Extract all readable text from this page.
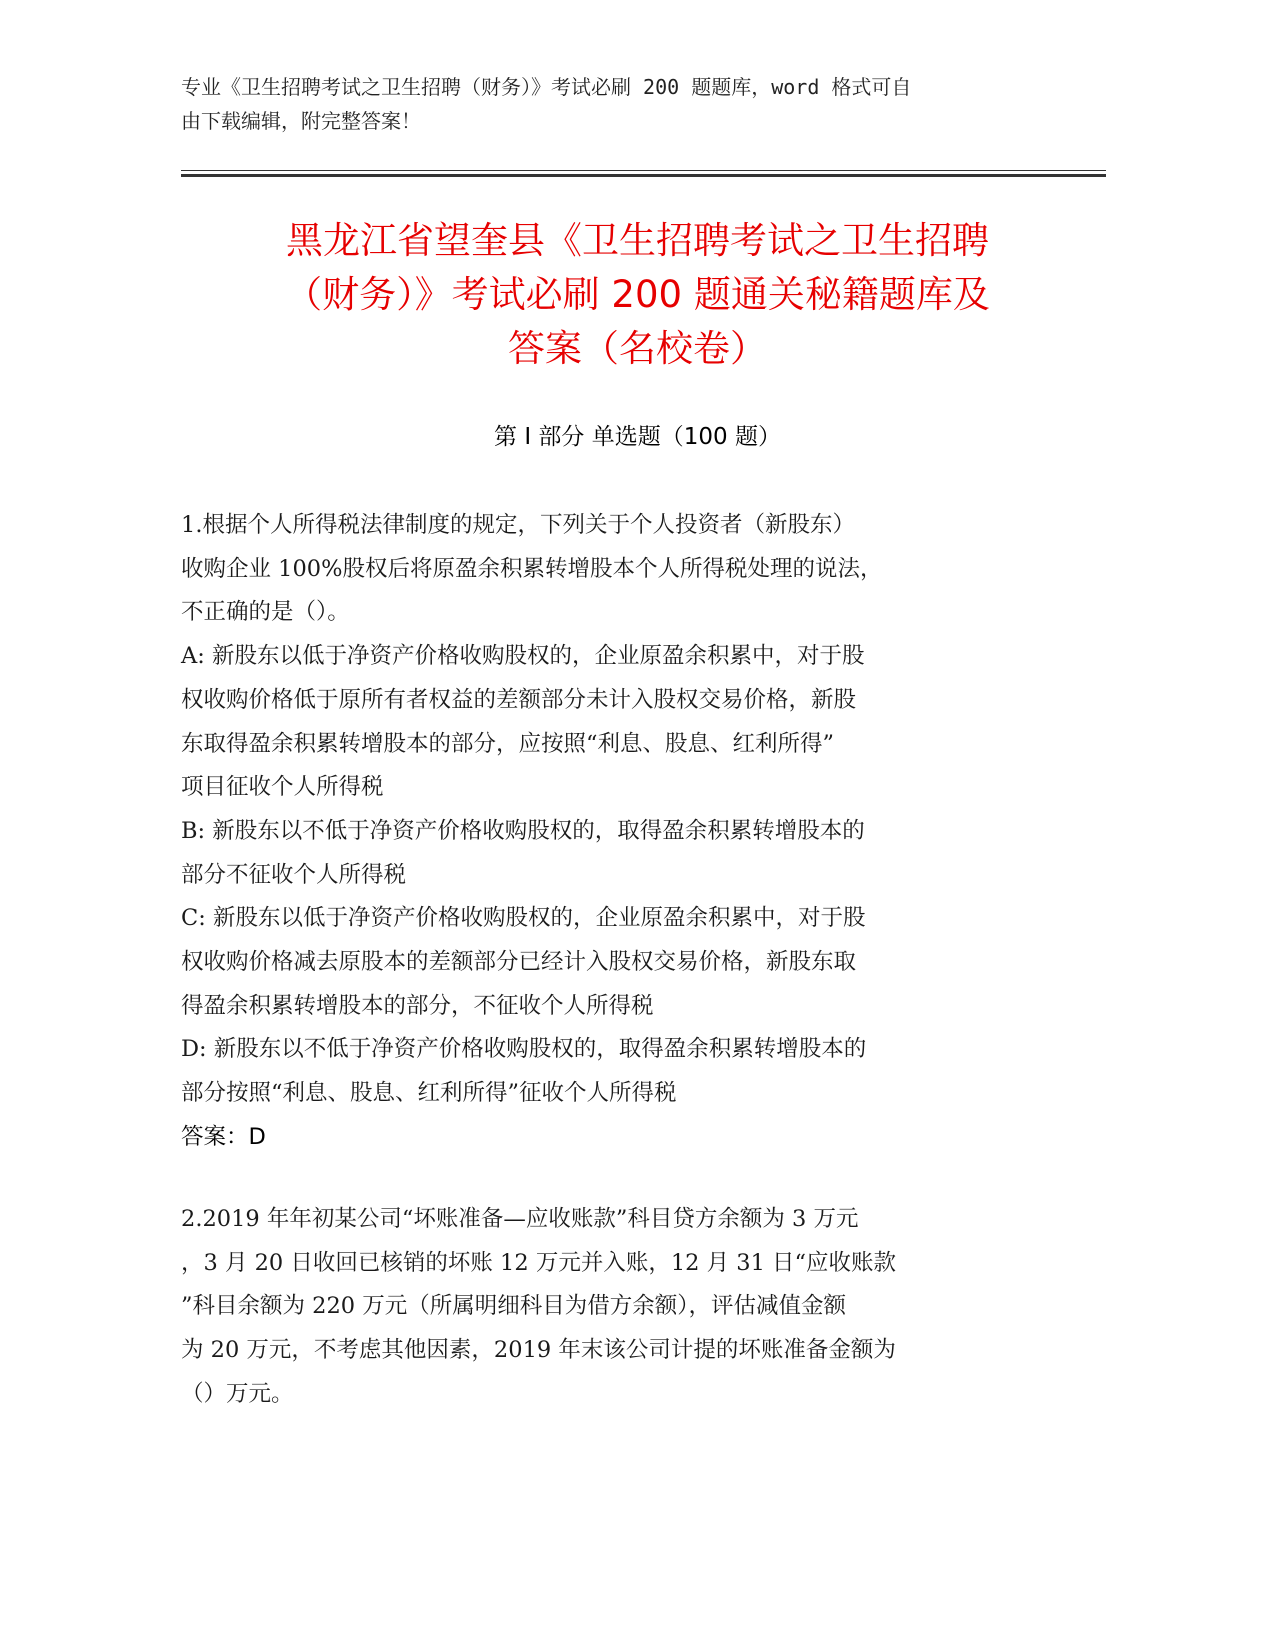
专业《卫生招聘考试之卫生招聘（财务）》考试必刷 200 题题库，word 格式可自
由下载编辑，附完整答案！
黑龙江省望奎县《卫生招聘考试之卫生招聘
（财务）》考试必刷 200 题通关秘籍题库及
答案（名校卷）
第 I 部分 单选题（100 题）
1.根据个人所得税法律制度的规定，下列关于个人投资者（新股东）
收购企业 100%股权后将原盈余积累转增股本个人所得税处理的说法，
不正确的是（）。
A: 新股东以低于净资产价格收购股权的，企业原盈余积累中，对于股
权收购价格低于原所有者权益的差额部分未计入股权交易价格，新股
东取得盈余积累转增股本的部分，应按照“利息、股息、红利所得”
项目征收个人所得税
B: 新股东以不低于净资产价格收购股权的，取得盈余积累转增股本的
部分不征收个人所得税
C: 新股东以低于净资产价格收购股权的，企业原盈余积累中，对于股
权收购价格减去原股本的差额部分已经计入股权交易价格，新股东取
得盈余积累转增股本的部分，不征收个人所得税
D: 新股东以不低于净资产价格收购股权的，取得盈余积累转增股本的
部分按照“利息、股息、红利所得”征收个人所得税
答案：D
2.2019 年年初某公司“坏账准备—应收账款”科目贷方余额为 3 万元
，3 月 20 日收回已核销的坏账 12 万元并入账，12 月 31 日“应收账款
”科目余额为 220 万元（所属明细科目为借方余额），评估减值金额
为 20 万元，不考虑其他因素，2019 年末该公司计提的坏账准备金额为
（）万元。
